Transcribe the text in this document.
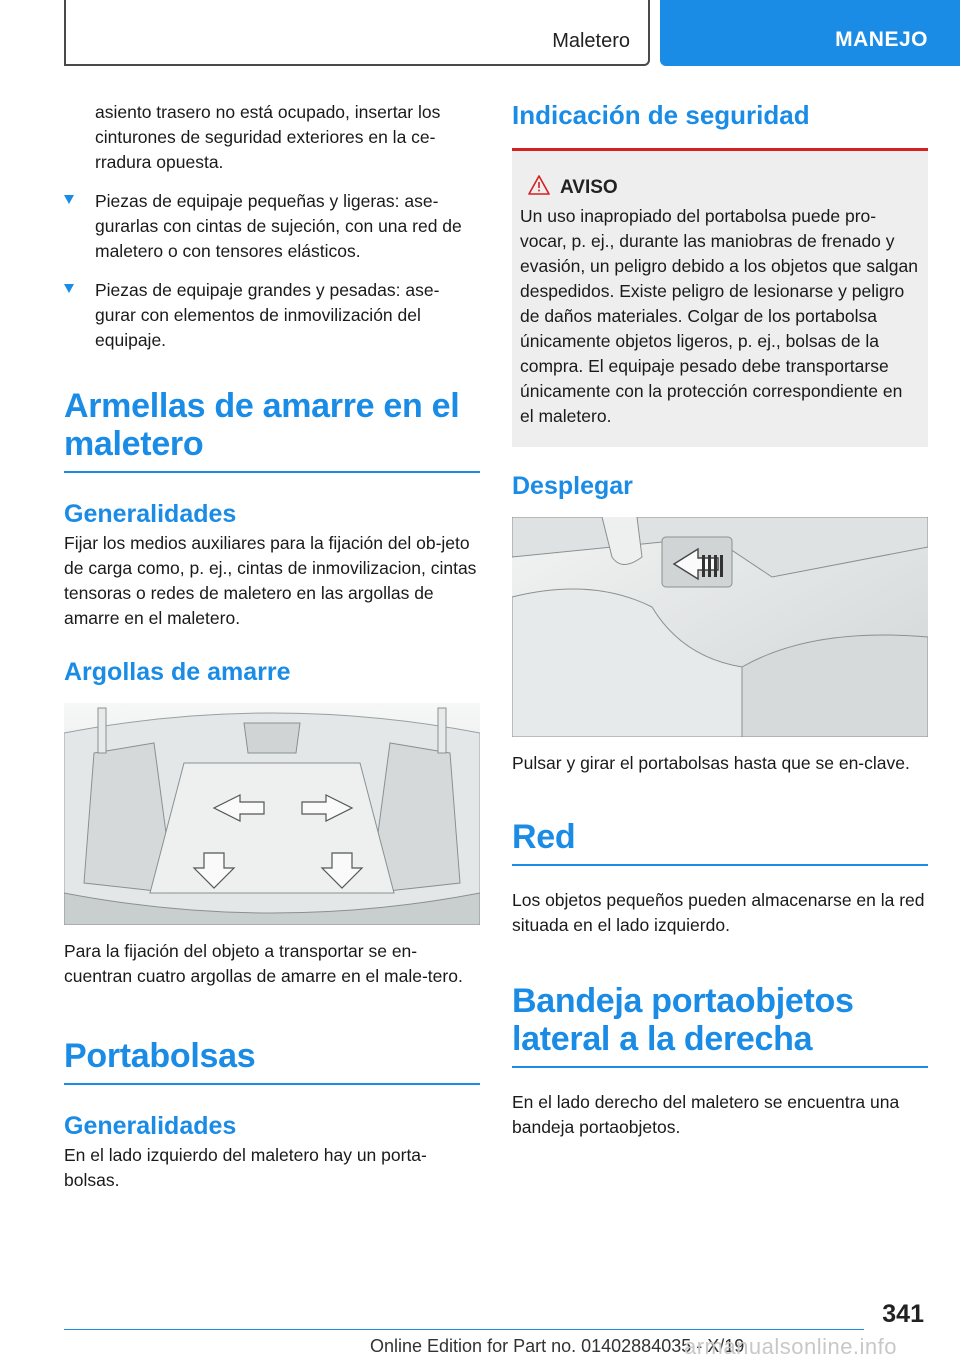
Maletero	MANEJO

asiento trasero no está ocupado, insertar los cinturones de seguridad exteriores en la ce-rradura opuesta.

Piezas de equipaje pequeñas y ligeras: ase-gurarlas con cintas de sujeción, con una red de maletero o con tensores elásticos.
Piezas de equipaje grandes y pesadas: ase-gurar con elementos de inmovilización del equipaje.
Armellas de amarre en el maletero
Generalidades

Fijar los medios auxiliares para la fijación del ob-jeto de carga como, p. ej., cintas de inmovilizacion, cintas tensoras o redes de maletero en las argollas de amarre en el maletero.

Argollas de amarre

Para la fijación del objeto a transportar se en-cuentran cuatro argollas de amarre en el male-tero.

Portabolsas
Generalidades

En el lado izquierdo del maletero hay un porta-bolsas.

Indicación de seguridad
AVISO

Un uso inapropiado del portabolsa puede pro-vocar, p. ej., durante las maniobras de frenado y evasión, un peligro debido a los objetos que salgan despedidos. Existe peligro de lesionarse y peligro de daños materiales. Colgar de los portabolsa únicamente objetos ligeros, p. ej., bolsas de la compra. El equipaje pesado debe transportarse únicamente con la protección correspondiente en el maletero.

Desplegar

Pulsar y girar el portabolsas hasta que se en-clave.

Red

Los objetos pequeños pueden almacenarse en la red situada en el lado izquierdo.

Bandeja portaobjetos lateral a la derecha

En el lado derecho del maletero se encuentra una bandeja portaobjetos.

341
Online Edition for Part no. 01402884035 - X/19
armanualsonline.info
